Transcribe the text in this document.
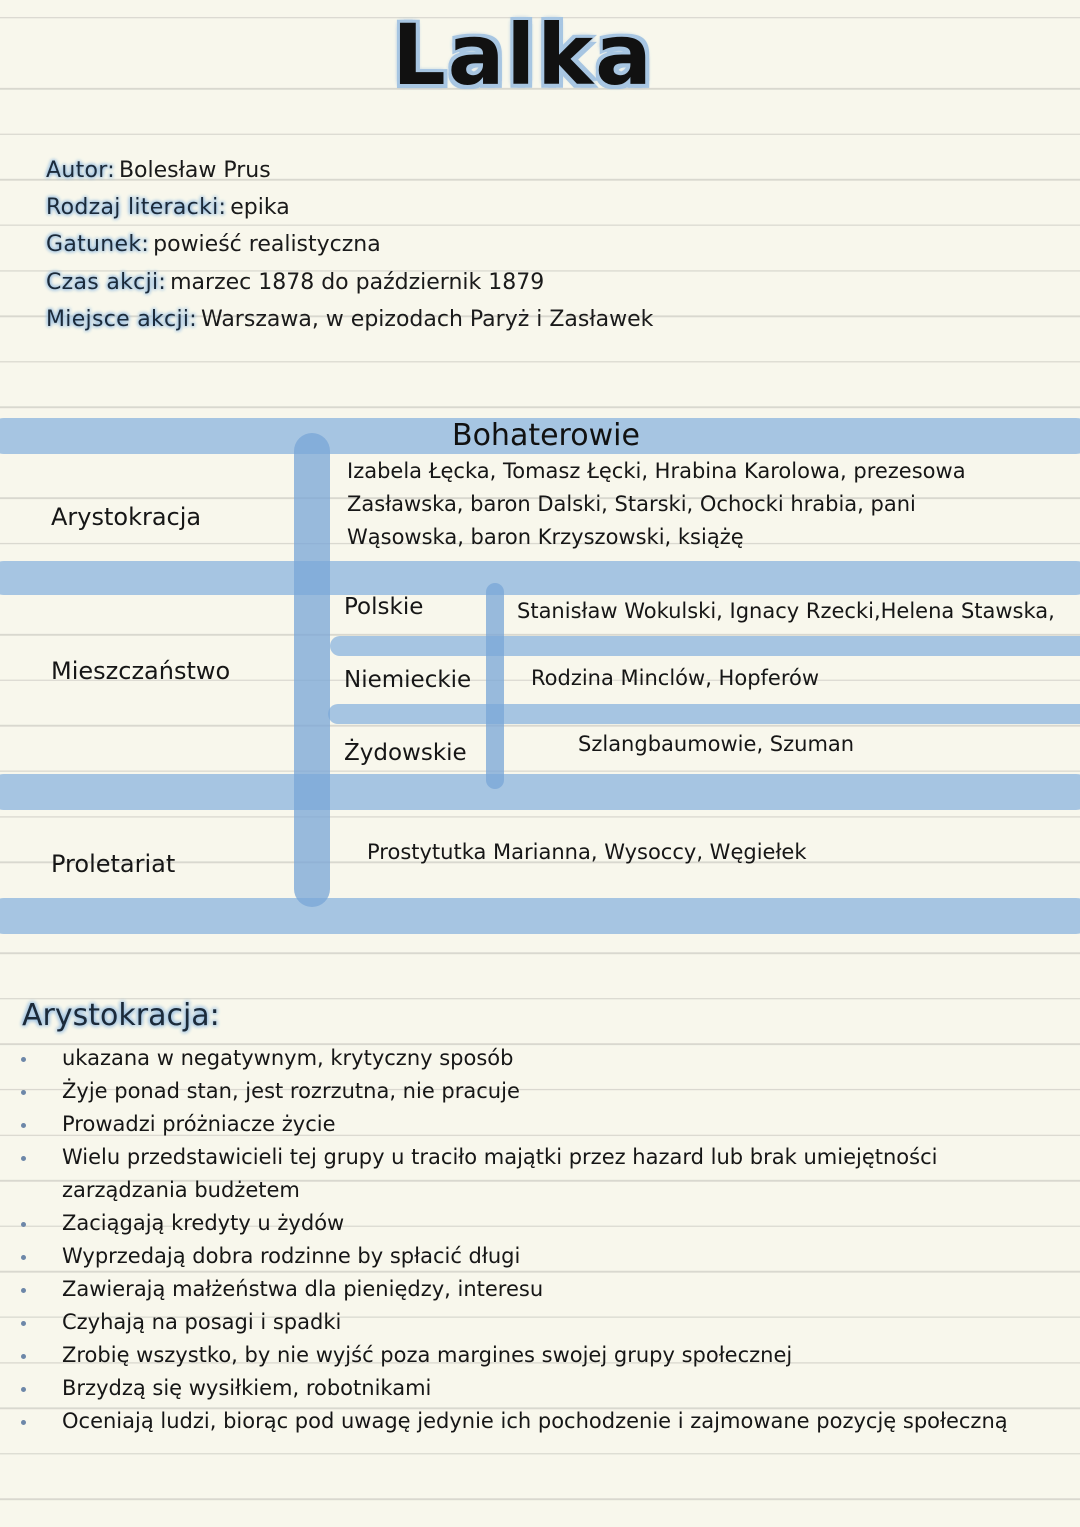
Lalka
Autor: Bolesław Prus
Rodzaj literacki: epika
Gatunek: powieść realistyczna
Czas akcji: marzec 1878 do październik 1879
Miejsce akcji: Warszawa, w epizodach Paryż i Zasławek
Bohaterowie
Arystokracja
Izabela Łęcka, Tomasz Łęcki, Hrabina Karolowa, prezesowa
Zasławska, baron Dalski, Starski, Ochocki hrabia, pani
Wąsowska, baron Krzyszowski, książę
Mieszczaństwo
Polskie	Stanisław Wokulski, Ignacy Rzecki,Helena Stawska,
Niemieckie	Rodzina Minclów, Hopferów
Żydowskie	Szlangbaumowie, Szuman
Proletariat	Prostytutka Marianna, Wysoccy, Węgiełek
Arystokracja:
ukazana w negatywnym, krytyczny sposób
Żyje ponad stan, jest rozrzutna, nie pracuje
Prowadzi próżniacze życie
Wielu przedstawicieli tej grupy u traciło majątki przez hazard lub brak umiejętności zarządzania budżetem
Zaciągają kredyty u żydów
Wyprzedają dobra rodzinne by spłacić długi
Zawierają małżeństwa dla pieniędzy, interesu
Czyhają na posagi i spadki
Zrobię wszystko, by nie wyjść poza margines swojej grupy społecznej
Brzydzą się wysiłkiem, robotnikami
Oceniają ludzi, biorąc pod uwagę jedynie ich pochodzenie i zajmowane pozycję społeczną
